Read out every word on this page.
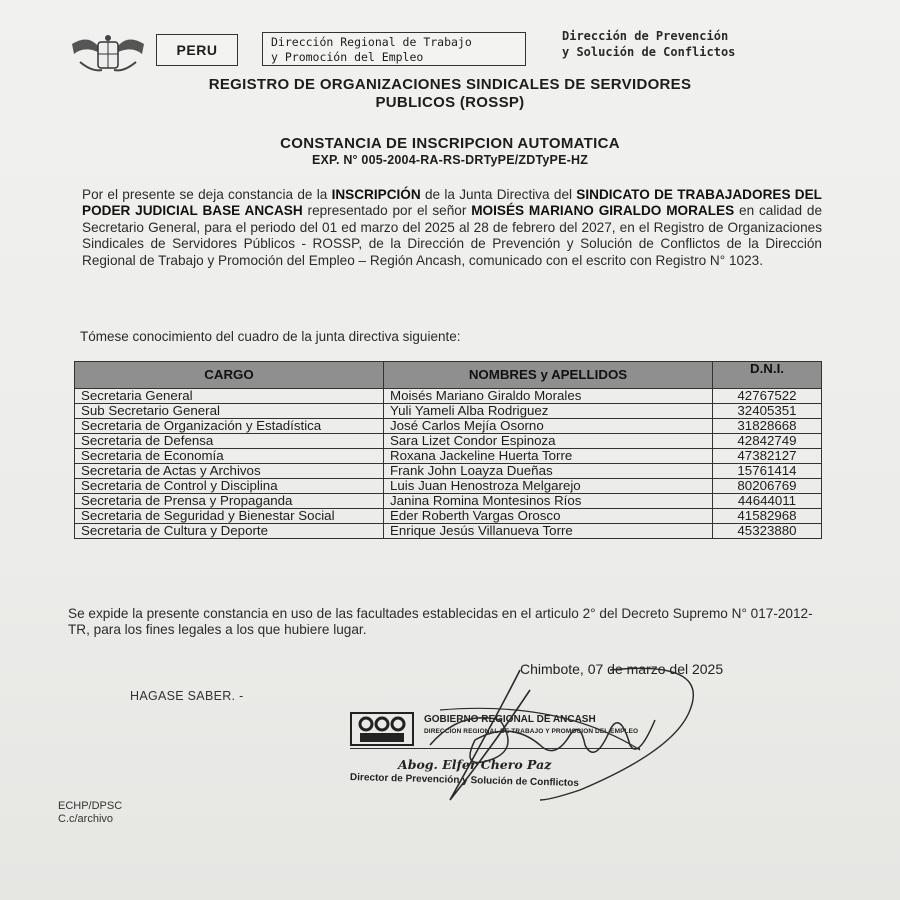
PERU	Dirección Regional de Trabajo
y Promoción del Empleo
Dirección de Prevención
y Solución de Conflictos
REGISTRO DE ORGANIZACIONES SINDICALES DE SERVIDORES
PUBLICOS (ROSSP)
CONSTANCIA DE INSCRIPCION AUTOMATICA
EXP. N° 005-2004-RA-RS-DRTyPE/ZDTyPE-HZ
Por el presente se deja constancia de la INSCRIPCIÓN de la Junta Directiva del SINDICATO DE TRABAJADORES DEL PODER JUDICIAL BASE ANCASH representado por el señor MOISÉS MARIANO GIRALDO MORALES en calidad de Secretario General, para el periodo del 01 ed marzo del 2025 al 28 de febrero del 2027, en el Registro de Organizaciones Sindicales de Servidores Públicos - ROSSP, de la Dirección de Prevención y Solución de Conflictos de la Dirección Regional de Trabajo y Promoción del Empleo – Región Ancash, comunicado con el escrito con Registro N° 1023.
Tómese conocimiento del cuadro de la junta directiva siguiente:
CARGO	NOMBRES y APELLIDOS	D.N.I.
Secretaria General	Moisés Mariano Giraldo Morales	42767522
Sub Secretario General	Yuli Yameli Alba Rodriguez	32405351
Secretaria de Organización y Estadística	José Carlos Mejía Osorno	31828668
Secretaria de Defensa	Sara Lizet Condor Espinoza	42842749
Secretaria de Economía	Roxana Jackeline Huerta Torre	47382127
Secretaria de Actas y Archivos	Frank John Loayza Dueñas	15761414
Secretaria de Control y Disciplina	Luis Juan Henostroza Melgarejo	80206769
Secretaria de Prensa y Propaganda	Janina Romina Montesinos Ríos	44644011
Secretaria de Seguridad y Bienestar Social	Eder Roberth Vargas Orosco	41582968
Secretaria de Cultura y Deporte	Enrique Jesús Villanueva Torre	45323880
Se expide la presente constancia en uso de las facultades establecidas en el articulo 2° del Decreto Supremo N° 017-2012-TR, para los fines legales a los que hubiere lugar.
Chimbote, 07 de marzo del 2025
HAGASE SABER. -
GOBIERNO REGIONAL DE ANCASH
DIRECCION REGIONAL DE TRABAJO Y PROMOCION DEL EMPLEO
Abog. Elfer Chero Paz
Director de Prevención y Solución de Conflictos
ECHP/DPSC
C.c/archivo
